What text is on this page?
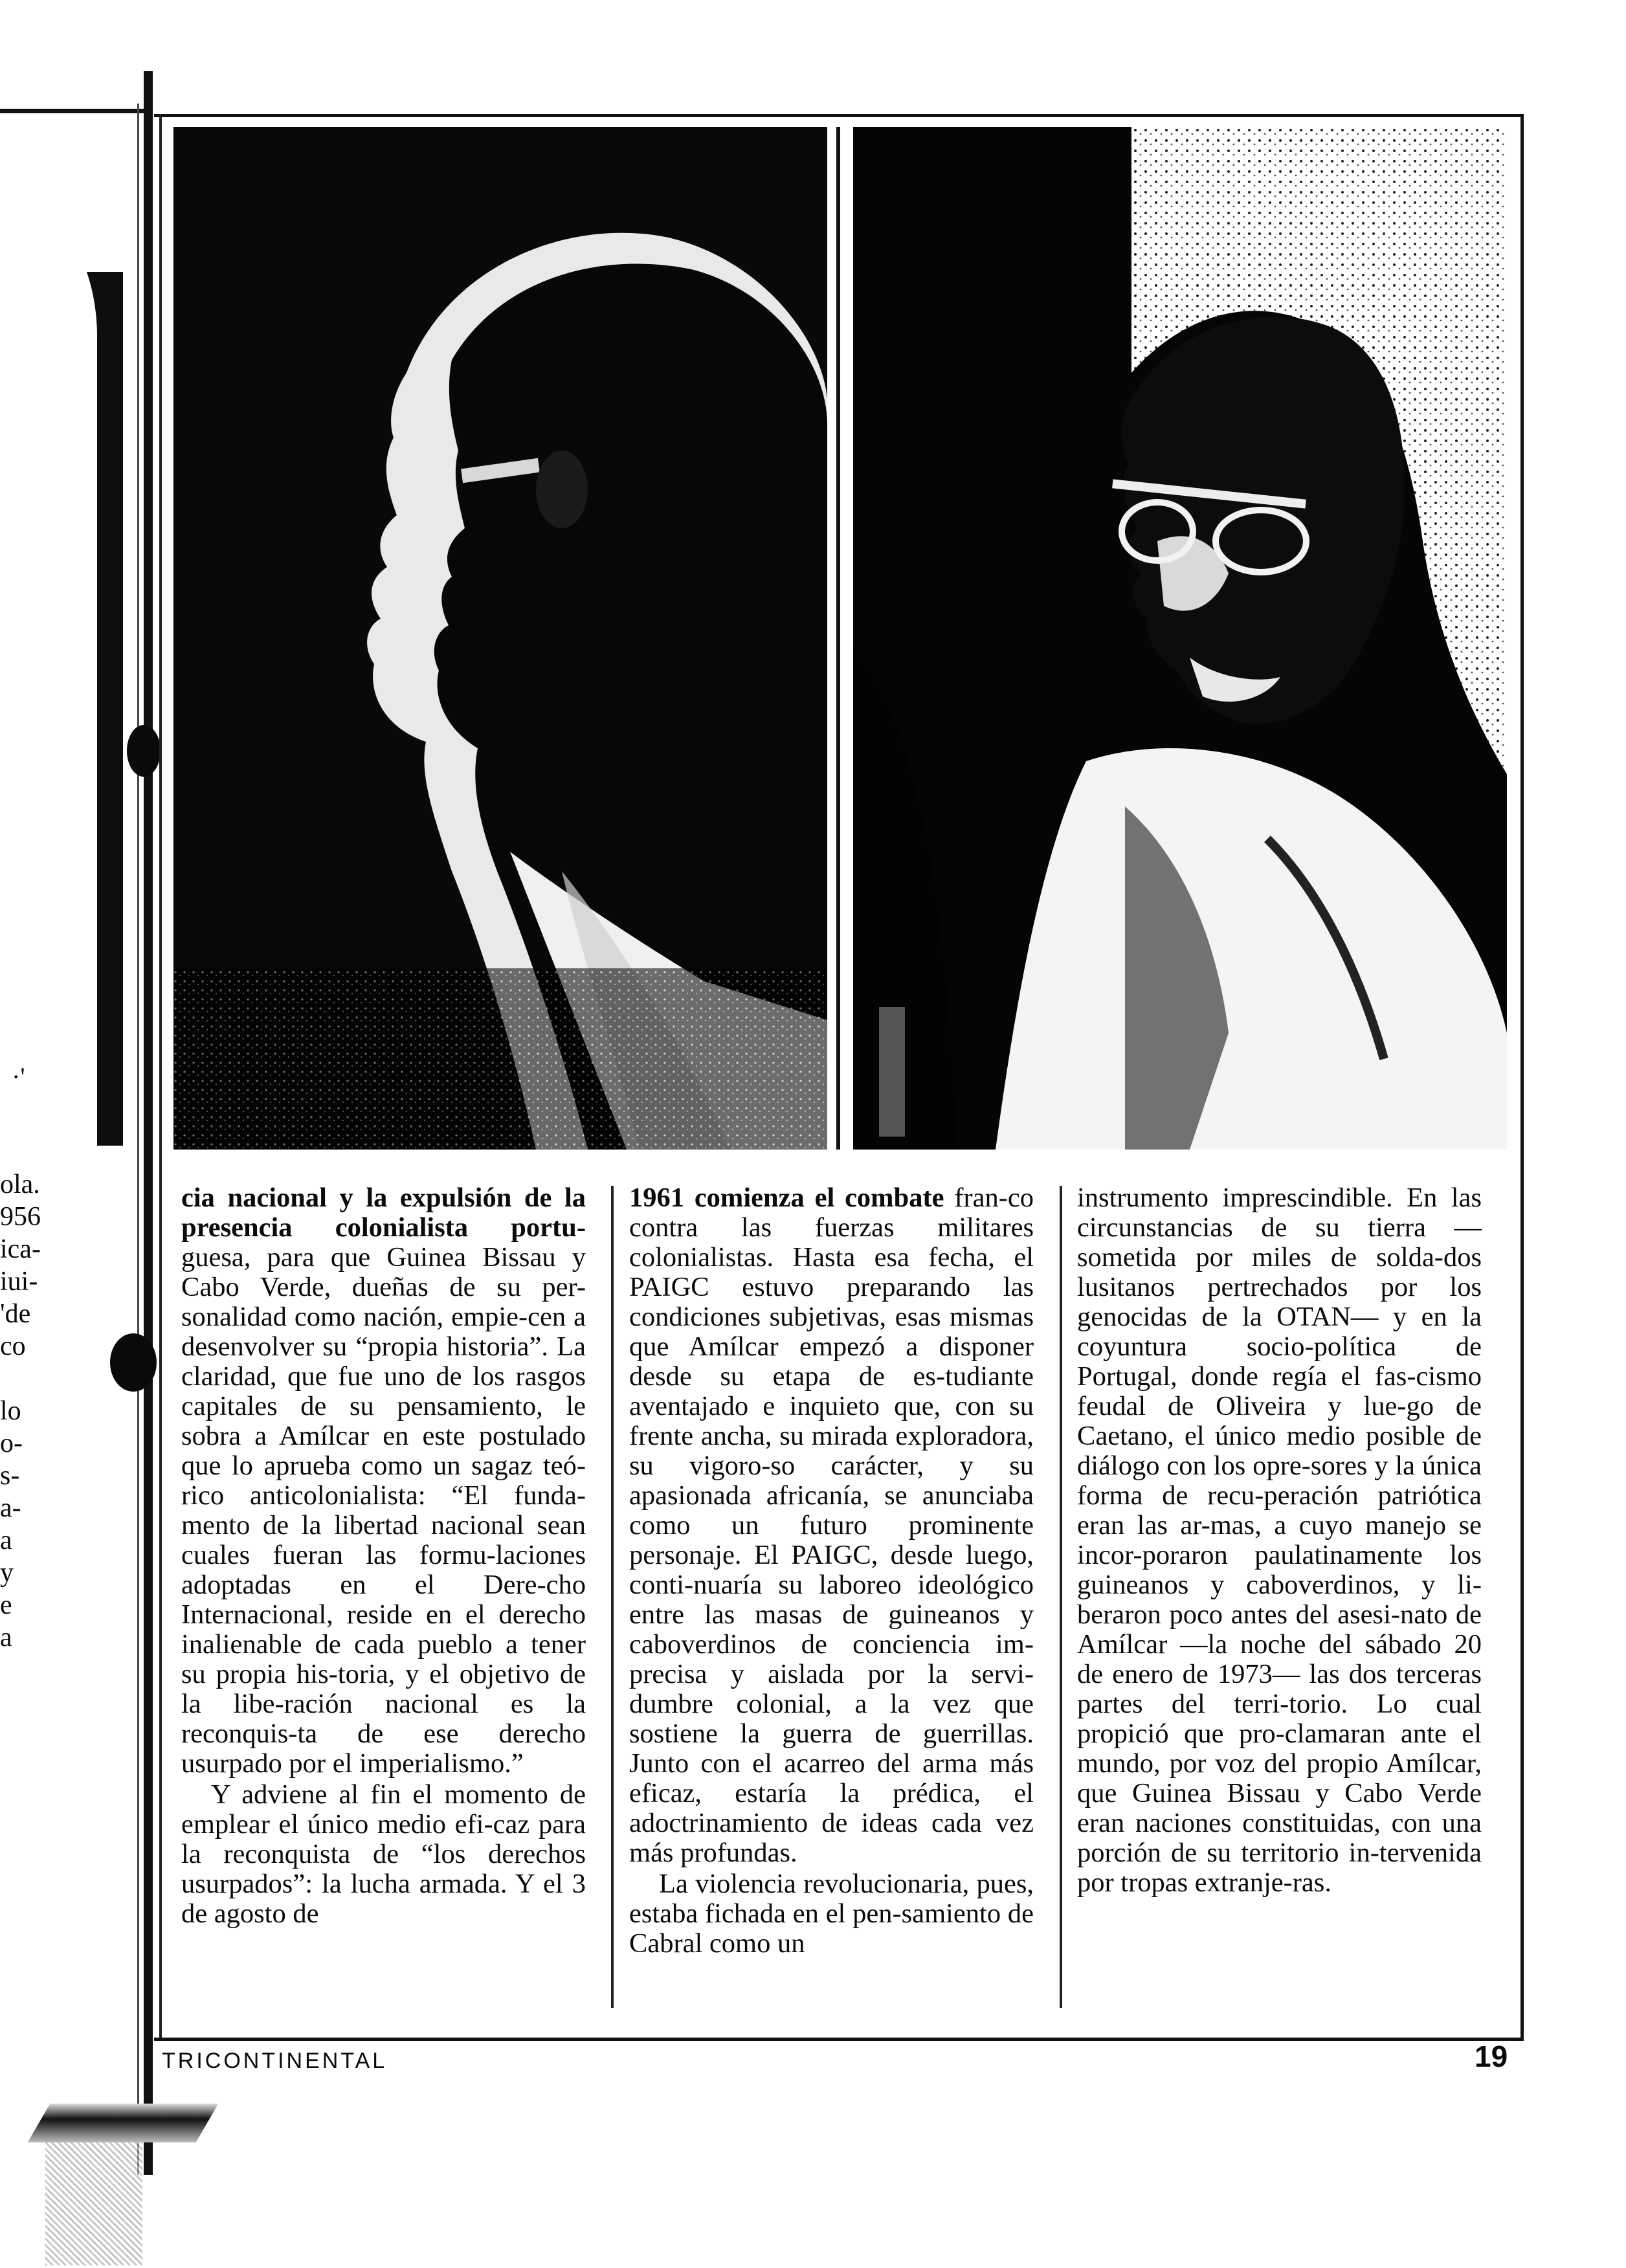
·'
ola.
956
ica-
iui-
'de
co

lo
o-
s-
a-
a
y
e
a

cia nacional y la expulsión de la presencia colonialista portu- guesa, para que Guinea Bissau y Cabo Verde, dueñas de su per-sonalidad como nación, empie-cen a desenvolver su “propia historia”. La claridad, que fue uno de los rasgos capitales de su pensamiento, le sobra a Amílcar en este postulado que lo aprueba como un sagaz teó-rico anticolonialista: “El funda-mento de la libertad nacional sean cuales fueran las formu-laciones adoptadas en el Dere-cho Internacional, reside en el derecho inalienable de cada pueblo a tener su propia his-toria, y el objetivo de la libe-ración nacional es la reconquis-ta de ese derecho usurpado por el imperialismo.”

Y adviene al fin el momento de emplear el único medio efi-caz para la reconquista de “los derechos usurpados”: la lucha armada. Y el 3 de agosto de

1961 comienza el combate fran-co contra las fuerzas militares colonialistas. Hasta esa fecha, el PAIGC estuvo preparando las condiciones subjetivas, esas mismas que Amílcar empezó a disponer desde su etapa de es-tudiante aventajado e inquieto que, con su frente ancha, su mirada exploradora, su vigoro-so carácter, y su apasionada africanía, se anunciaba como un futuro prominente personaje. El PAIGC, desde luego, conti-nuaría su laboreo ideológico entre las masas de guineanos y caboverdinos de conciencia im-precisa y aislada por la servi-dumbre colonial, a la vez que sostiene la guerra de guerrillas. Junto con el acarreo del arma más eficaz, estaría la prédica, el adoctrinamiento de ideas cada vez más profundas.

La violencia revolucionaria, pues, estaba fichada en el pen-samiento de Cabral como un

instrumento imprescindible. En las circunstancias de su tierra —sometida por miles de solda-dos lusitanos pertrechados por los genocidas de la OTAN— y en la coyuntura socio-política de Portugal, donde regía el fas-cismo feudal de Oliveira y lue-go de Caetano, el único medio posible de diálogo con los opre-sores y la única forma de recu-peración patriótica eran las ar-mas, a cuyo manejo se incor-poraron paulatinamente los guineanos y caboverdinos, y li-beraron poco antes del asesi-nato de Amílcar —la noche del sábado 20 de enero de 1973— las dos terceras partes del terri-torio. Lo cual propició que pro-clamaran ante el mundo, por voz del propio Amílcar, que Guinea Bissau y Cabo Verde eran naciones constituidas, con una porción de su territorio in-tervenida por tropas extranje-ras.

TRICONTINENTAL	19
